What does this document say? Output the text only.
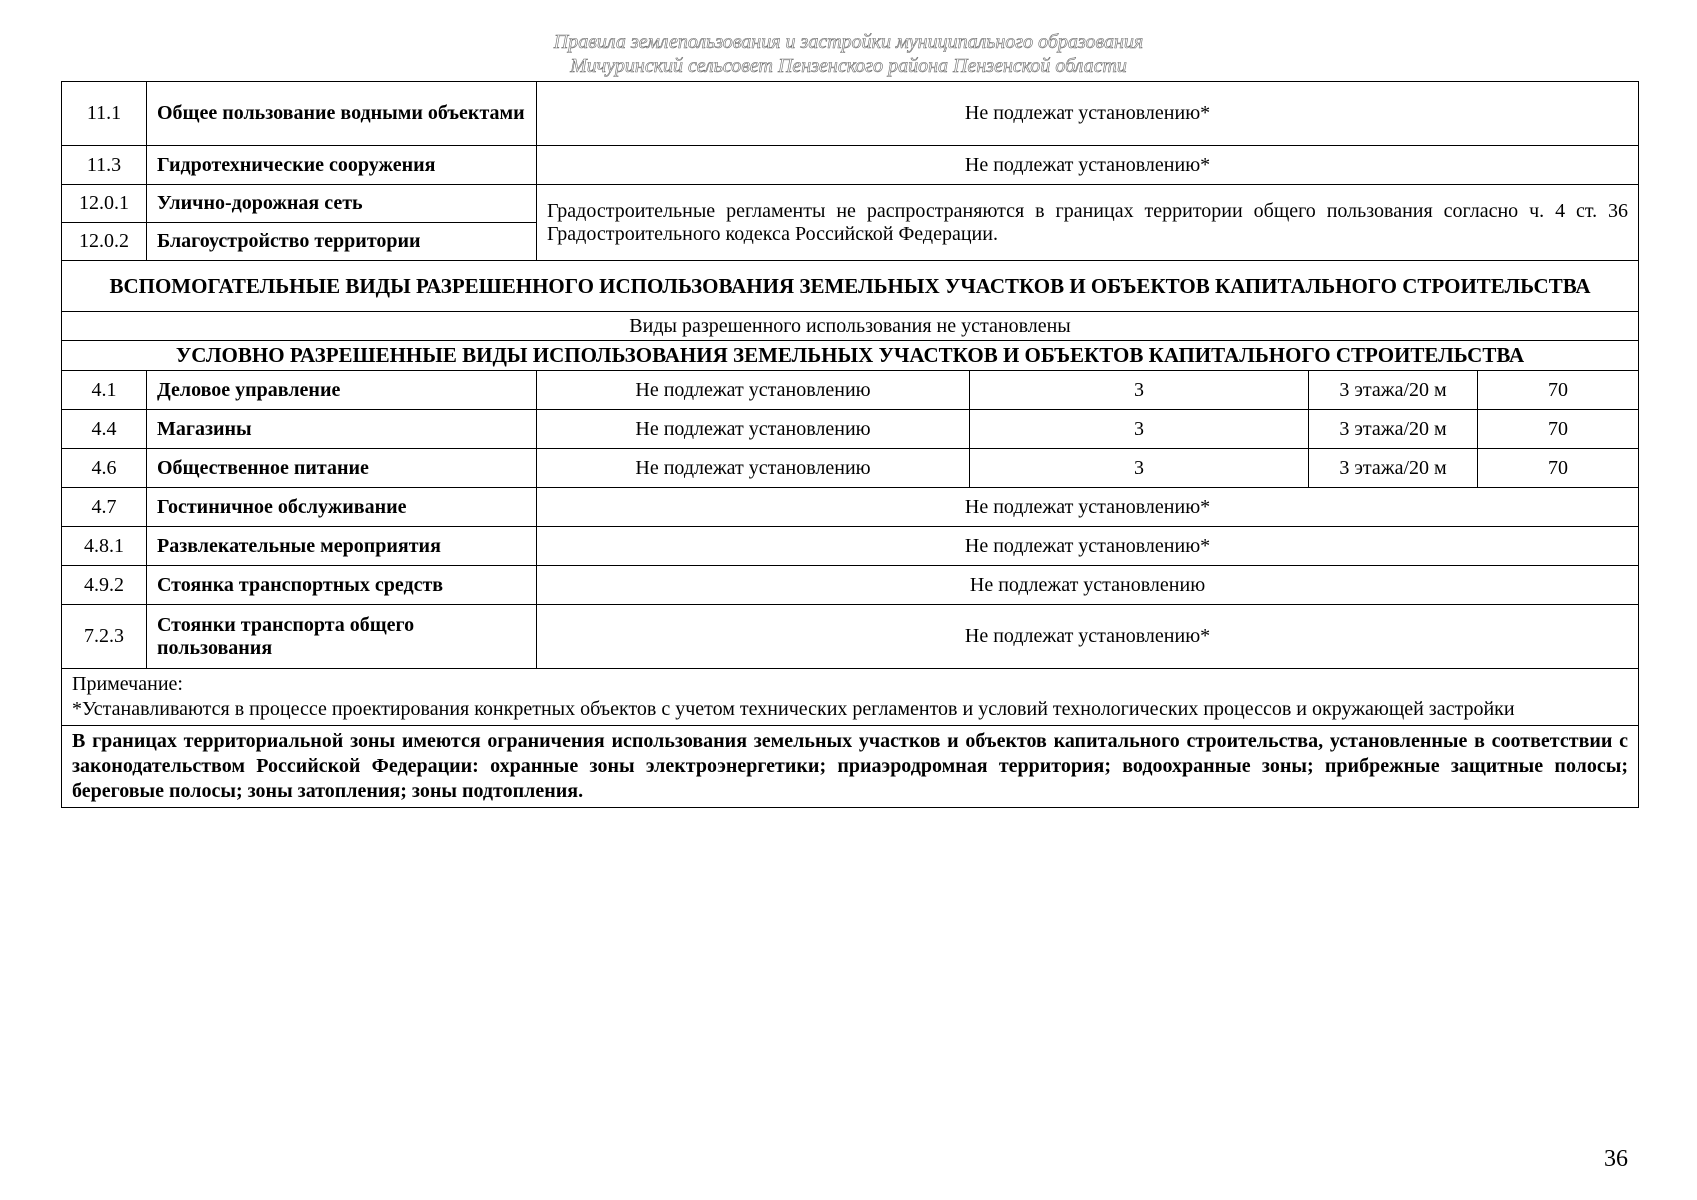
Правила землепользования и застройки муниципального образования
Мичуринский сельсовет Пензенского района Пензенской области
11.1	Общее пользование водными объектами	Не подлежат установлению*			
11.3	Гидротехнические сооружения	Не подлежат установлению*			
12.0.1	Улично-дорожная сеть	Градостроительные регламенты не распространяются в границах территории общего пользования согласно ч. 4 ст. 36 Градостроительного кодекса Российской Федерации.			
12.0.2	Благоустройство территории				
ВСПОМОГАТЕЛЬНЫЕ ВИДЫ РАЗРЕШЕННОГО ИСПОЛЬЗОВАНИЯ ЗЕМЕЛЬНЫХ УЧАСТКОВ И ОБЪЕКТОВ КАПИТАЛЬНОГО СТРОИТЕЛЬСТВА					
Виды разрешенного использования не установлены					
УСЛОВНО РАЗРЕШЕННЫЕ ВИДЫ ИСПОЛЬЗОВАНИЯ ЗЕМЕЛЬНЫХ УЧАСТКОВ И ОБЪЕКТОВ КАПИТАЛЬНОГО СТРОИТЕЛЬСТВА					
4.1	Деловое управление	Не подлежат установлению	3	3 этажа/20 м	70
4.4	Магазины	Не подлежат установлению	3	3 этажа/20 м	70
4.6	Общественное питание	Не подлежат установлению	3	3 этажа/20 м	70
4.7	Гостиничное обслуживание	Не подлежат установлению*			
4.8.1	Развлекательные мероприятия	Не подлежат установлению*			
4.9.2	Стоянка транспортных средств	Не подлежат установлению			
7.2.3	Стоянки транспорта общего пользования	Не подлежат установлению*			

Примечание:
*Устанавливаются в процессе проектирования конкретных объектов с учетом технических регламентов и условий технологических процессов и окружающей застройки					

В границах территориальной зоны имеются ограничения использования земельных участков и объектов капитального строительства, установленные в соответствии с законодательством Российской Федерации: охранные зоны электроэнергетики; приаэродромная территория; водоохранные зоны; прибрежные защитные полосы; береговые полосы; зоны затопления; зоны подтопления.					
36
